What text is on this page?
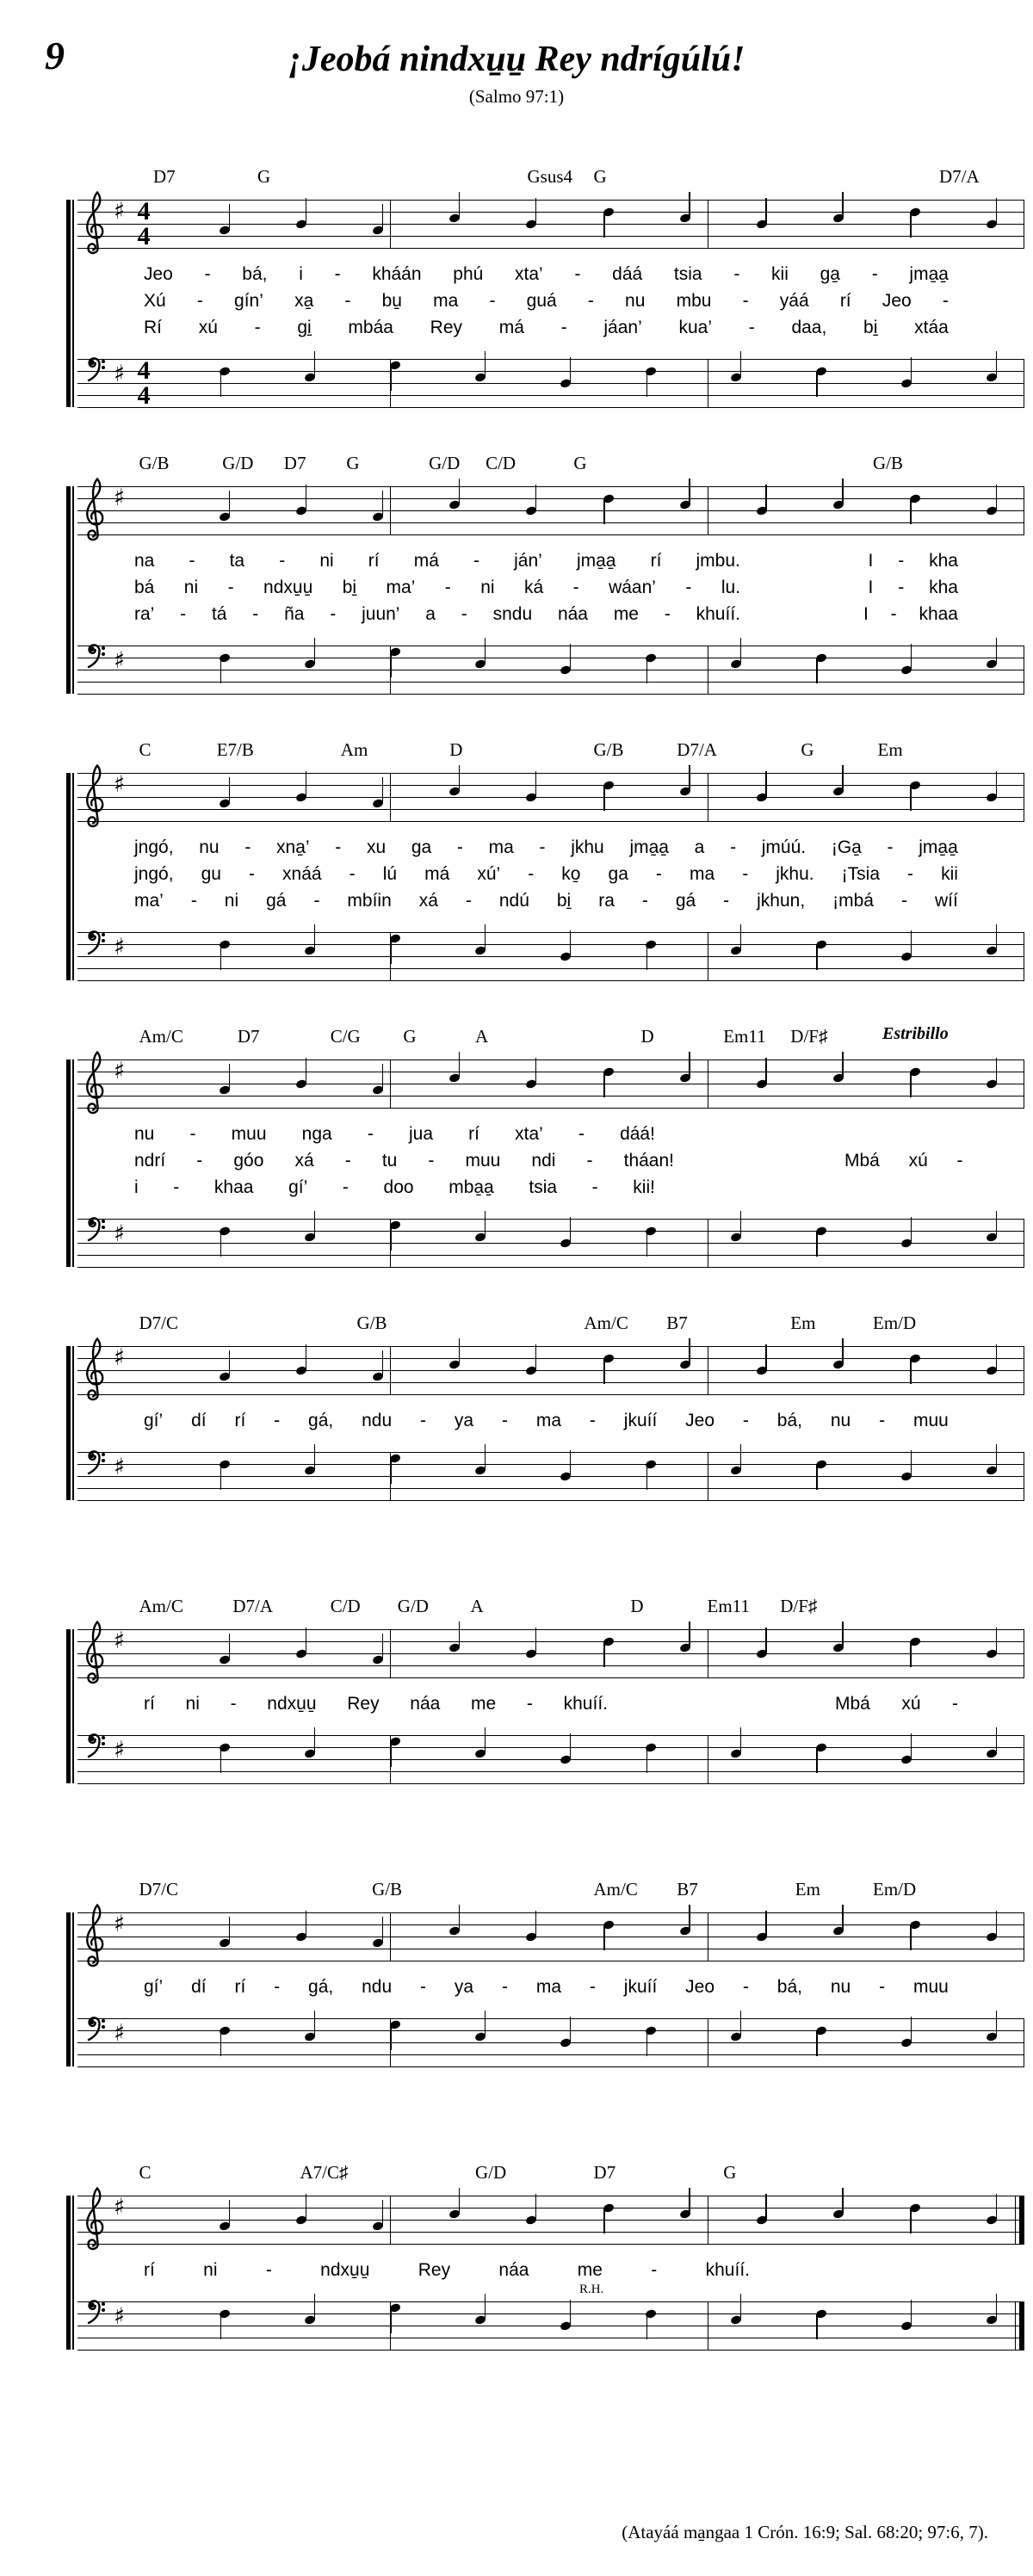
9	¡Jeobá nindxu̱u̱ Rey ndrígúlú!

(Salmo 97:1)

D7	G	Gsus4 G	D7/A
♯ 4
4
Jeo - bá, i - kháán phú xta’ - dáá tsia - kii ga̱ - jma̱a̱
Xú - gín’ xa̱ - bu̱ ma - guá - nu mbu - yáá rí Jeo -
Rí xú - gi̱ mbáa Rey má - jáan’ kua’ - daa, bi̱ xtáa
♯ 4
4
G/B	G/D D7 G	G/D C/D	G	G/B
♯
na - ta - ni rí má - ján’ jma̱a̱ rí jmbu.	I - kha
bá ni - ndxu̱u̱ bi̱ ma’ - ni ká - wáan’ - lu.	I - kha
ra’ - tá - ña - juun’ a - sndu náa me - khuíí.	I - khaa
♯
C	E7/B	Am	D	G/B	D7/A	G	Em
♯
jngó, nu - xna̱’ - xu ga - ma - jkhu jma̱a̱ a - jmúú. ¡Ga̱ - jma̱a̱
jngó, gu - xnáá - lú má xú’ - ko̱ ga - ma - jkhu. ¡Tsia - kii
ma’ - ni gá - mbíin xá - ndú bi̱ ra - gá - jkhun, ¡mbá - wíí
♯
Am/C	D7	C/G G	A	D	Em11 D/F♯	Estribillo
♯
nu - muu nga - jua rí xta’ - dáá!
ndrí - góo xá - tu - muu ndi - tháan!	Mbá xú -
i - khaa gí’ - doo mba̱a̱ tsia - kii!
♯
D7/C	G/B	Am/C B7	Em	Em/D
♯
gí’ dí rí - gá, ndu - ya - ma - jkuíí Jeo - bá, nu - muu
♯
Am/C	D7/A	C/D G/D A	D	Em11 D/F♯
♯
rí ni - ndxu̱u̱ Rey náa me - khuíí.	Mbá xú -
♯
D7/C	G/B	Am/C B7	Em	Em/D
♯
gí’ dí rí - gá, ndu - ya - ma - jkuíí Jeo - bá, nu - muu
♯
C	A7/C♯	G/D	D7	G
♯
rí	ni	-	ndxu̱u̱	Rey	náa	me	-	khuíí.
♯
R.H.
(Atayáá ma̱ngaa 1 Crón. 16:9; Sal. 68:20; 97:6, 7).
